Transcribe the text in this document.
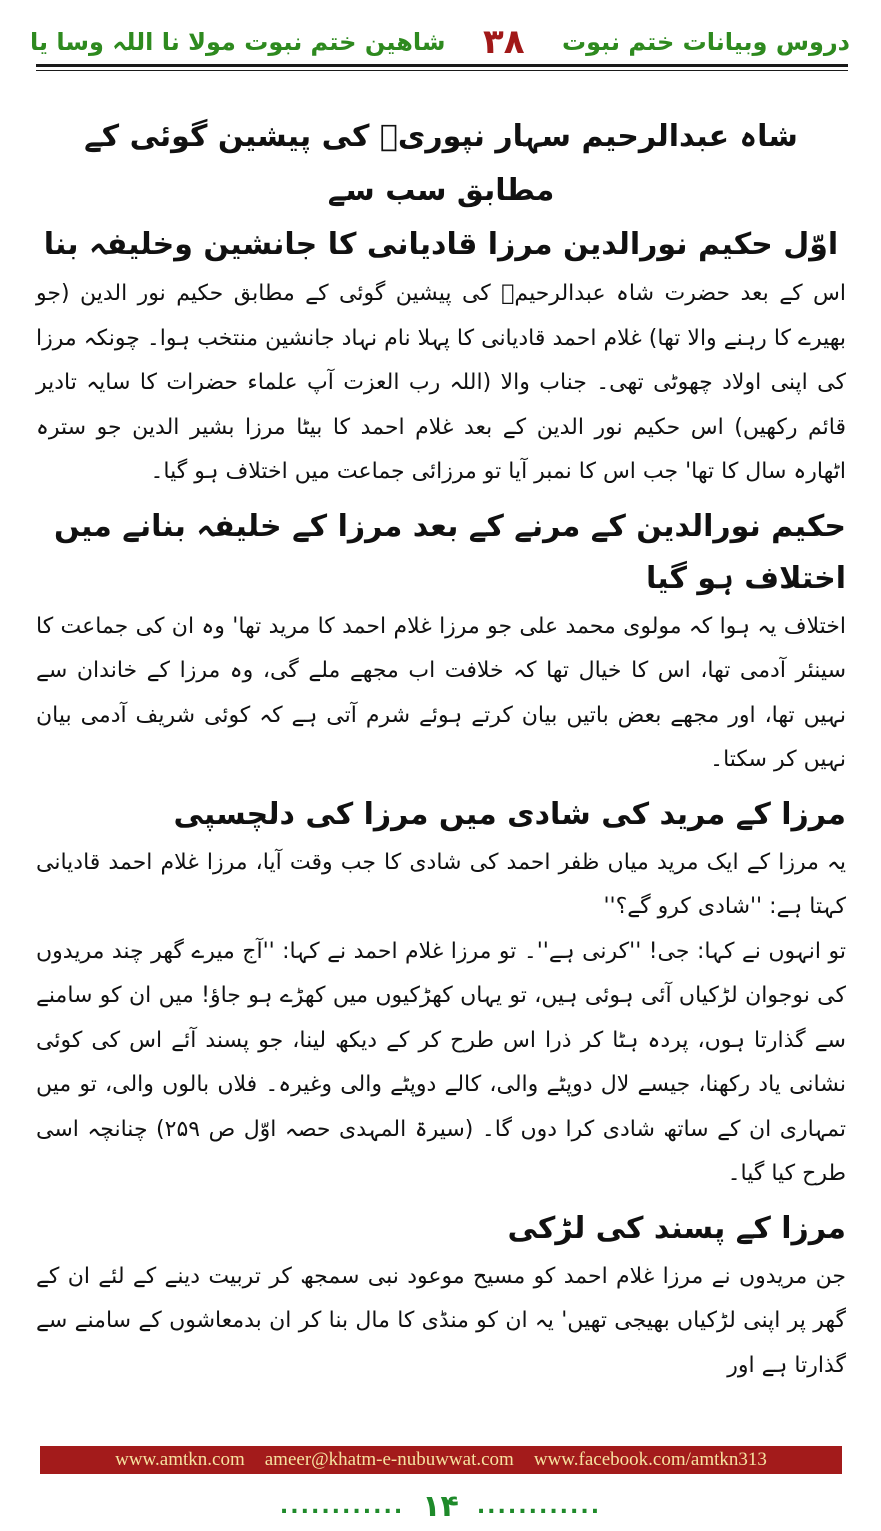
دروس وبیانات ختم نبوت
۳۸
شاهین ختم نبوت مولا نا اللہ وسا یا
شاہ عبدالرحیم سہار نپوریؒ کی پیشین گوئی کے مطابق سب سے
اوّل حکیم نورالدین مرزا قادیانی کا جانشین وخلیفہ بنا

اس کے بعد حضرت شاہ عبدالرحیمؒ کی پیشین گوئی کے مطابق حکیم نور الدین (جو بھیرے کا رہنے والا تھا) غلام احمد قادیانی کا پہلا نام نہاد جانشین منتخب ہوا۔ چونکہ مرزا کی اپنی اولاد چھوٹی تھی۔ جناب والا (اللہ رب العزت آپ علماء حضرات کا سایہ تادیر قائم رکھیں) اس حکیم نور الدین کے بعد غلام احمد کا بیٹا مرزا بشیر الدین جو سترہ اٹھارہ سال کا تھا' جب اس کا نمبر آیا تو مرزائی جماعت میں اختلاف ہو گیا۔

حکیم نورالدین کے مرنے کے بعد مرزا کے خلیفہ بنانے میں اختلاف ہو گیا

اختلاف یہ ہوا کہ مولوی محمد علی جو مرزا غلام احمد کا مرید تھا' وہ ان کی جماعت کا سینئر آدمی تھا، اس کا خیال تھا کہ خلافت اب مجھے ملے گی، وہ مرزا کے خاندان سے نہیں تھا، اور مجھے بعض باتیں بیان کرتے ہوئے شرم آتی ہے کہ کوئی شریف آدمی بیان نہیں کر سکتا۔

مرزا کے مرید کی شادی میں مرزا کی دلچسپی

یہ مرزا کے ایک مرید میاں ظفر احمد کی شادی کا جب وقت آیا، مرزا غلام احمد قادیانی کہتا ہے: ''شادی کرو گے؟''

تو انہوں نے کہا: جی! ''کرنی ہے''۔ تو مرزا غلام احمد نے کہا: ''آج میرے گھر چند مریدوں کی نوجوان لڑکیاں آئی ہوئی ہیں، تو یہاں کھڑکیوں میں کھڑے ہو جاؤ! میں ان کو سامنے سے گذارتا ہوں، پردہ ہٹا کر ذرا اس طرح کر کے دیکھ لینا، جو پسند آئے اس کی کوئی نشانی یاد رکھنا، جیسے لال دوپٹے والی، کالے دوپٹے والی وغیرہ۔ فلاں بالوں والی، تو میں تمہاری ان کے ساتھ شادی کرا دوں گا۔ (سیرۃ المہدی حصہ اوّل ص ۲۵۹) چنانچہ اسی طرح کیا گیا۔

مرزا کے پسند کی لڑکی

جن مریدوں نے مرزا غلام احمد کو مسیح موعود نبی سمجھ کر تربیت دینے کے لئے ان کے گھر پر اپنی لڑکیاں بھیجی تھیں' یہ ان کو منڈی کا مال بنا کر ان بدمعاشوں کے سامنے سے گذارتا ہے اور

www.amtkn.com ameer@khatm-e-nubuwwat.com www.facebook.com/amtkn313
............ ۱۴ ............
